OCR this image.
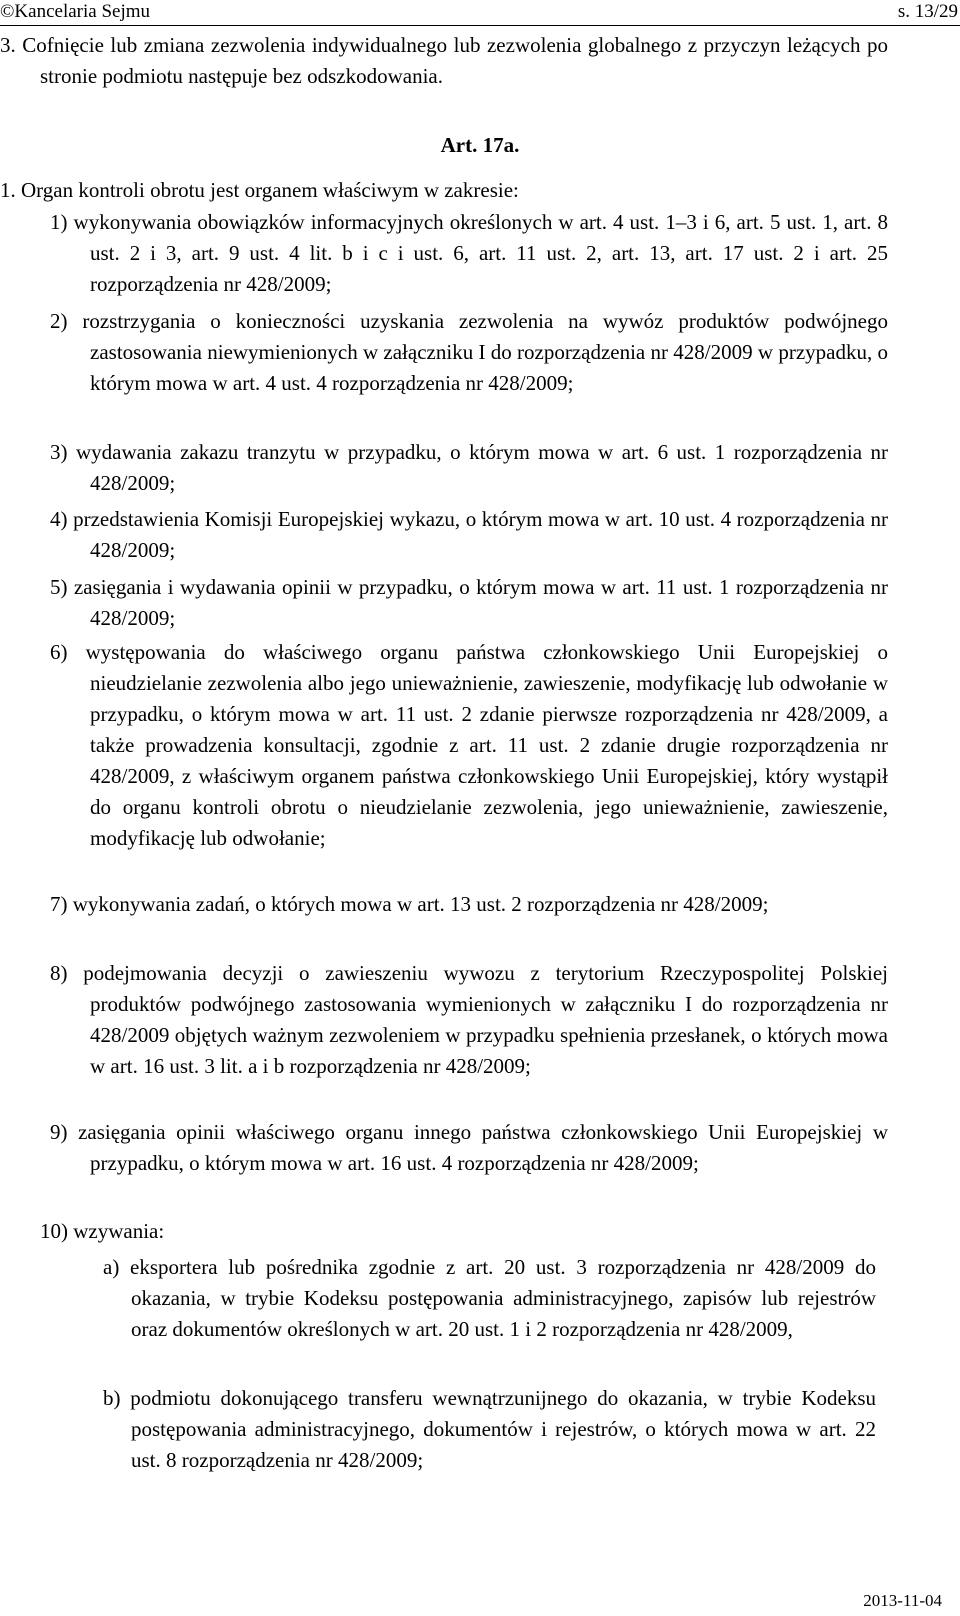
©Kancelaria Sejmu	s. 13/29
3. Cofnięcie lub zmiana zezwolenia indywidualnego lub zezwolenia globalnego z przyczyn leżących po stronie podmiotu następuje bez odszkodowania.
Art. 17a.
1. Organ kontroli obrotu jest organem właściwym w zakresie:
1) wykonywania obowiązków informacyjnych określonych w art. 4 ust. 1–3 i 6, art. 5 ust. 1, art. 8 ust. 2 i 3, art. 9 ust. 4 lit. b i c i ust. 6, art. 11 ust. 2, art. 13, art. 17 ust. 2 i art. 25 rozporządzenia nr 428/2009;
2) rozstrzygania o konieczności uzyskania zezwolenia na wywóz produktów podwójnego zastosowania niewymienionych w załączniku I do rozporządzenia nr 428/2009 w przypadku, o którym mowa w art. 4 ust. 4 rozporządzenia nr 428/2009;
3) wydawania zakazu tranzytu w przypadku, o którym mowa w art. 6 ust. 1 rozporządzenia nr 428/2009;
4) przedstawienia Komisji Europejskiej wykazu, o którym mowa w art. 10 ust. 4 rozporządzenia nr 428/2009;
5) zasięgania i wydawania opinii w przypadku, o którym mowa w art. 11 ust. 1 rozporządzenia nr 428/2009;
6) występowania do właściwego organu państwa członkowskiego Unii Europejskiej o nieudzielanie zezwolenia albo jego unieważnienie, zawieszenie, modyfikację lub odwołanie w przypadku, o którym mowa w art. 11 ust. 2 zdanie pierwsze rozporządzenia nr 428/2009, a także prowadzenia konsultacji, zgodnie z art. 11 ust. 2 zdanie drugie rozporządzenia nr 428/2009, z właściwym organem państwa członkowskiego Unii Europejskiej, który wystąpił do organu kontroli obrotu o nieudzielanie zezwolenia, jego unieważnienie, zawieszenie, modyfikację lub odwołanie;
7) wykonywania zadań, o których mowa w art. 13 ust. 2 rozporządzenia nr 428/2009;
8) podejmowania decyzji o zawieszeniu wywozu z terytorium Rzeczypospolitej Polskiej produktów podwójnego zastosowania wymienionych w załączniku I do rozporządzenia nr 428/2009 objętych ważnym zezwoleniem w przypadku spełnienia przesłanek, o których mowa w art. 16 ust. 3 lit. a i b rozporządzenia nr 428/2009;
9) zasięgania opinii właściwego organu innego państwa członkowskiego Unii Europejskiej w przypadku, o którym mowa w art. 16 ust. 4 rozporządzenia nr 428/2009;
10) wzywania:
a) eksportera lub pośrednika zgodnie z art. 20 ust. 3 rozporządzenia nr 428/2009 do okazania, w trybie Kodeksu postępowania administracyjnego, zapisów lub rejestrów oraz dokumentów określonych w art. 20 ust. 1 i 2 rozporządzenia nr 428/2009,
b) podmiotu dokonującego transferu wewnątrzunijnego do okazania, w trybie Kodeksu postępowania administracyjnego, dokumentów i rejestrów, o których mowa w art. 22 ust. 8 rozporządzenia nr 428/2009;
2013-11-04
